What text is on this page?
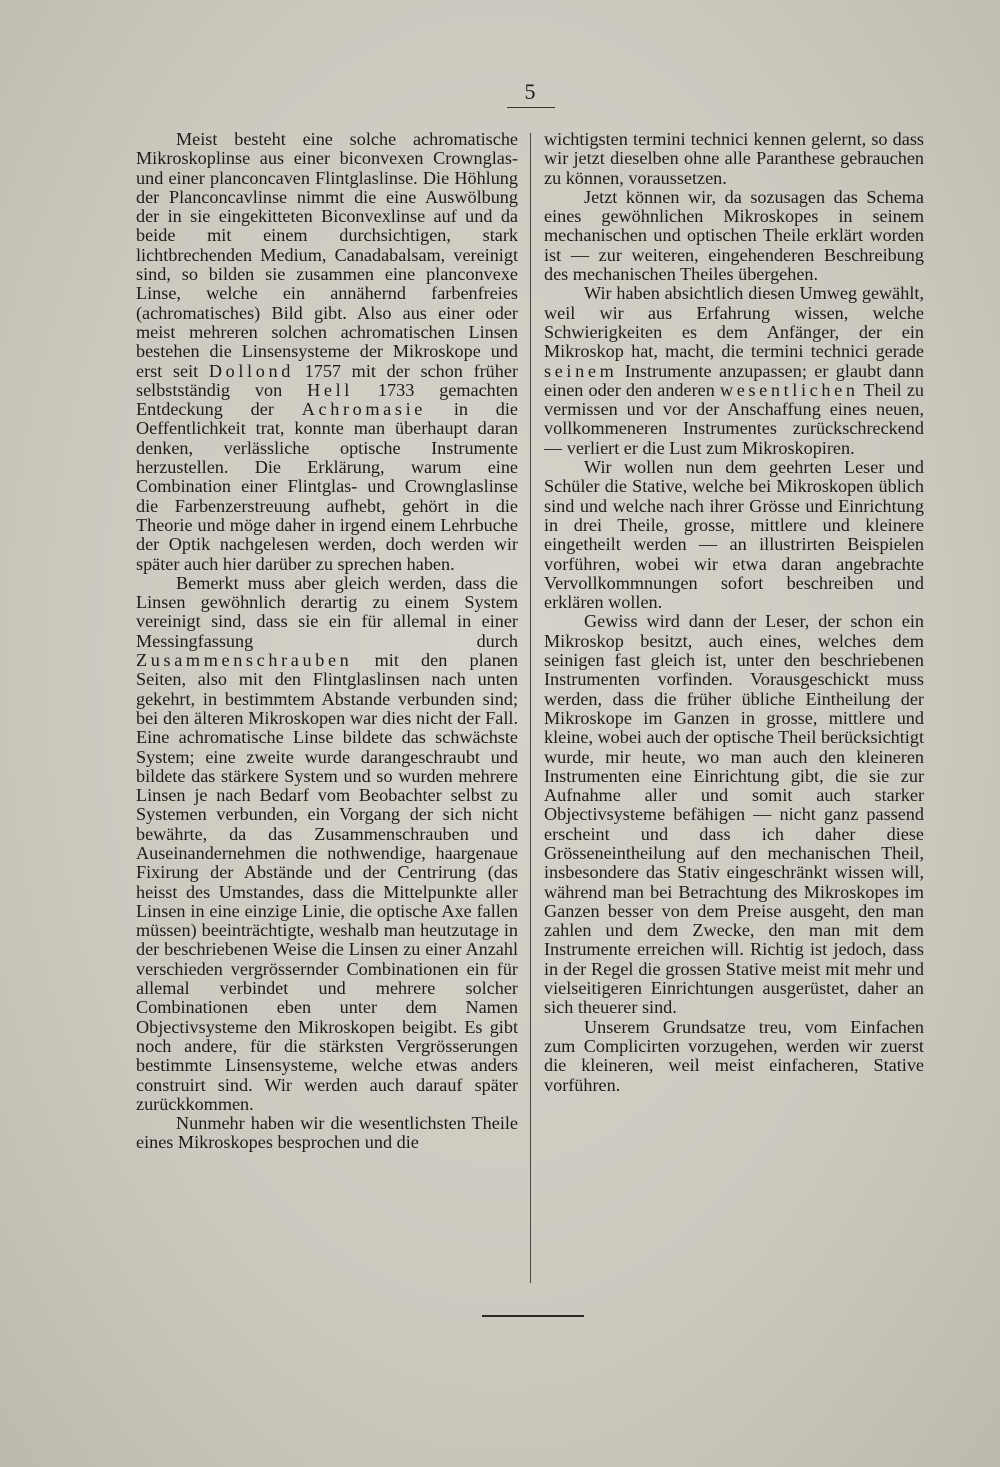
5

Meist besteht eine solche achromatische Mikroskoplinse aus einer biconvexen Crownglas- und einer planconcaven Flintglaslinse. Die Höhlung der Planconcavlinse nimmt die eine Auswölbung der in sie eingekitteten Biconvexlinse auf und da beide mit einem durchsichtigen, stark lichtbrechenden Medium, Canadabalsam, vereinigt sind, so bilden sie zusammen eine planconvexe Linse, welche ein annähernd farbenfreies (achromatisches) Bild gibt. Also aus einer oder meist mehreren solchen achromatischen Linsen bestehen die Linsensysteme der Mikroskope und erst seit Dollond 1757 mit der schon früher selbstständig von Hell 1733 gemachten Entdeckung der Achromasie in die Oeffentlichkeit trat, konnte man überhaupt daran denken, verlässliche optische Instrumente herzustellen. Die Erklärung, warum eine Combination einer Flintglas- und Crownglaslinse die Farbenzerstreuung aufhebt, gehört in die Theorie und möge daher in irgend einem Lehrbuche der Optik nachgelesen werden, doch werden wir später auch hier darüber zu sprechen haben.

Bemerkt muss aber gleich werden, dass die Linsen gewöhnlich derartig zu einem System vereinigt sind, dass sie ein für allemal in einer Messingfassung durch Zusammenschrauben mit den planen Seiten, also mit den Flintglaslinsen nach unten gekehrt, in bestimmtem Abstande verbunden sind; bei den älteren Mikroskopen war dies nicht der Fall. Eine achromatische Linse bildete das schwächste System; eine zweite wurde darangeschraubt und bildete das stärkere System und so wurden mehrere Linsen je nach Bedarf vom Beobachter selbst zu Systemen verbunden, ein Vorgang der sich nicht bewährte, da das Zusammenschrauben und Auseinandernehmen die nothwendige, haargenaue Fixirung der Abstände und der Centrirung (das heisst des Umstandes, dass die Mittelpunkte aller Linsen in eine einzige Linie, die optische Axe fallen müssen) beeinträchtigte, weshalb man heutzutage in der beschriebenen Weise die Linsen zu einer Anzahl verschieden vergrössernder Combinationen ein für allemal verbindet und mehrere solcher Combinationen eben unter dem Namen Objectivsysteme den Mikroskopen beigibt. Es gibt noch andere, für die stärksten Vergrösserungen bestimmte Linsensysteme, welche etwas anders construirt sind. Wir werden auch darauf später zurückkommen.

Nunmehr haben wir die wesentlichsten Theile eines Mikroskopes besprochen und die

wichtigsten termini technici kennen gelernt, so dass wir jetzt dieselben ohne alle Paranthese gebrauchen zu können, voraussetzen.

Jetzt können wir, da sozusagen das Schema eines gewöhnlichen Mikroskopes in seinem mechanischen und optischen Theile erklärt worden ist — zur weiteren, eingehenderen Beschreibung des mechanischen Theiles übergehen.

Wir haben absichtlich diesen Umweg gewählt, weil wir aus Erfahrung wissen, welche Schwierigkeiten es dem Anfänger, der ein Mikroskop hat, macht, die termini technici gerade seinem Instrumente anzupassen; er glaubt dann einen oder den anderen wesentlichen Theil zu vermissen und vor der Anschaffung eines neuen, vollkommeneren Instrumentes zurückschreckend — verliert er die Lust zum Mikroskopiren.

Wir wollen nun dem geehrten Leser und Schüler die Stative, welche bei Mikroskopen üblich sind und welche nach ihrer Grösse und Einrichtung in drei Theile, grosse, mittlere und kleinere eingetheilt werden — an illustrirten Beispielen vorführen, wobei wir etwa daran angebrachte Vervollkommnungen sofort beschreiben und erklären wollen.

Gewiss wird dann der Leser, der schon ein Mikroskop besitzt, auch eines, welches dem seinigen fast gleich ist, unter den beschriebenen Instrumenten vorfinden. Vorausgeschickt muss werden, dass die früher übliche Eintheilung der Mikroskope im Ganzen in grosse, mittlere und kleine, wobei auch der optische Theil berücksichtigt wurde, mir heute, wo man auch den kleineren Instrumenten eine Einrichtung gibt, die sie zur Aufnahme aller und somit auch starker Objectivsysteme befähigen — nicht ganz passend erscheint und dass ich daher diese Grösseneintheilung auf den mechanischen Theil, insbesondere das Stativ eingeschränkt wissen will, während man bei Betrachtung des Mikroskopes im Ganzen besser von dem Preise ausgeht, den man zahlen und dem Zwecke, den man mit dem Instrumente erreichen will. Richtig ist jedoch, dass in der Regel die grossen Stative meist mit mehr und vielseitigeren Einrichtungen ausgerüstet, daher an sich theuerer sind.

Unserem Grundsatze treu, vom Einfachen zum Complicirten vorzugehen, werden wir zuerst die kleineren, weil meist einfacheren, Stative vorführen.
